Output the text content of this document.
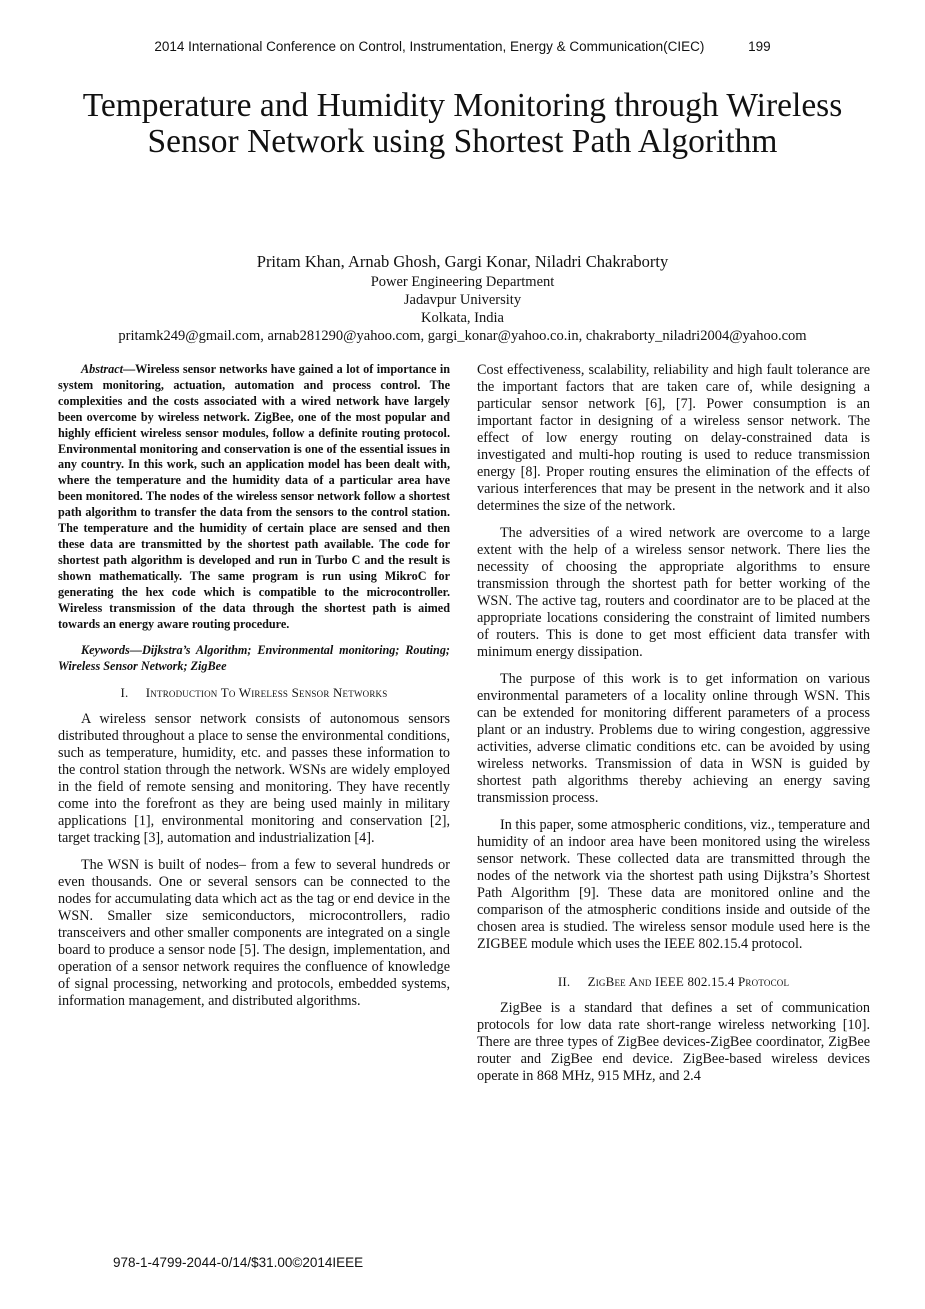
2014 International Conference on Control, Instrumentation, Energy & Communication(CIEC)	199
Temperature and Humidity Monitoring through Wireless Sensor Network using Shortest Path Algorithm
Pritam Khan, Arnab Ghosh, Gargi Konar, Niladri Chakraborty
Power Engineering Department
Jadavpur University
Kolkata, India
pritamk249@gmail.com, arnab281290@yahoo.com, gargi_konar@yahoo.co.in, chakraborty_niladri2004@yahoo.com

Abstract—Wireless sensor networks have gained a lot of importance in system monitoring, actuation, automation and process control. The complexities and the costs associated with a wired network have largely been overcome by wireless network. ZigBee, one of the most popular and highly efficient wireless sensor modules, follow a definite routing protocol. Environmental monitoring and conservation is one of the essential issues in any country. In this work, such an application model has been dealt with, where the temperature and the humidity data of a particular area have been monitored. The nodes of the wireless sensor network follow a shortest path algorithm to transfer the data from the sensors to the control station. The temperature and the humidity of certain place are sensed and then these data are transmitted by the shortest path available. The code for shortest path algorithm is developed and run in Turbo C and the result is shown mathematically. The same program is run using MikroC for generating the hex code which is compatible to the microcontroller. Wireless transmission of the data through the shortest path is aimed towards an energy aware routing procedure.

Keywords—Dijkstra’s Algorithm; Environmental monitoring; Routing; Wireless Sensor Network; ZigBee

I. Introduction To Wireless Sensor Networks

A wireless sensor network consists of autonomous sensors distributed throughout a place to sense the environmental conditions, such as temperature, humidity, etc. and passes these information to the control station through the network. WSNs are widely employed in the field of remote sensing and monitoring. They have recently come into the forefront as they are being used mainly in military applications [1], environmental monitoring and conservation [2], target tracking [3], automation and industrialization [4].

The WSN is built of nodes– from a few to several hundreds or even thousands. One or several sensors can be connected to the nodes for accumulating data which act as the tag or end device in the WSN. Smaller size semiconductors, microcontrollers, radio transceivers and other smaller components are integrated on a single board to produce a sensor node [5]. The design, implementation, and operation of a sensor network requires the confluence of knowledge of signal processing, networking and protocols, embedded systems, information management, and distributed algorithms.

Cost effectiveness, scalability, reliability and high fault tolerance are the important factors that are taken care of, while designing a particular sensor network [6], [7]. Power consumption is an important factor in designing of a wireless sensor network. The effect of low energy routing on delay-constrained data is investigated and multi-hop routing is used to reduce transmission energy [8]. Proper routing ensures the elimination of the effects of various interferences that may be present in the network and it also determines the size of the network.

The adversities of a wired network are overcome to a large extent with the help of a wireless sensor network. There lies the necessity of choosing the appropriate algorithms to ensure transmission through the shortest path for better working of the WSN. The active tag, routers and coordinator are to be placed at the appropriate locations considering the constraint of limited numbers of routers. This is done to get most efficient data transfer with minimum energy dissipation.

The purpose of this work is to get information on various environmental parameters of a locality online through WSN. This can be extended for monitoring different parameters of a process plant or an industry. Problems due to wiring congestion, aggressive activities, adverse climatic conditions etc. can be avoided by using wireless networks. Transmission of data in WSN is guided by shortest path algorithms thereby achieving an energy saving transmission process.

In this paper, some atmospheric conditions, viz., temperature and humidity of an indoor area have been monitored using the wireless sensor network. These collected data are transmitted through the nodes of the network via the shortest path using Dijkstra’s Shortest Path Algorithm [9]. These data are monitored online and the comparison of the atmospheric conditions inside and outside of the chosen area is studied. The wireless sensor module used here is the ZIGBEE module which uses the IEEE 802.15.4 protocol.

II. ZigBee And IEEE 802.15.4 Protocol

ZigBee is a standard that defines a set of communication protocols for low data rate short-range wireless networking [10]. There are three types of ZigBee devices-ZigBee coordinator, ZigBee router and ZigBee end device. ZigBee-based wireless devices operate in 868 MHz, 915 MHz, and 2.4

978-1-4799-2044-0/14/$31.00©2014IEEE
